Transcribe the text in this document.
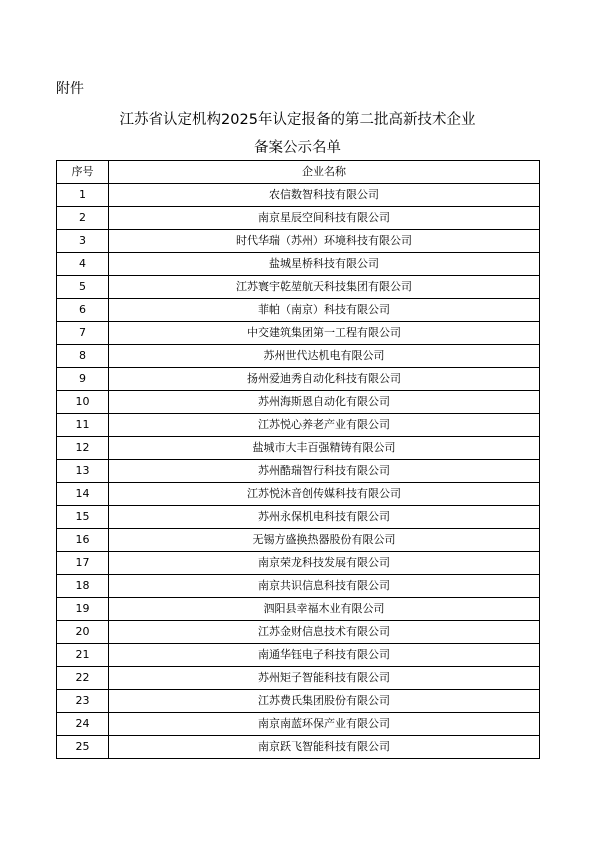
附件
江苏省认定机构2025年认定报备的第二批高新技术企业
备案公示名单
序号	企业名称
1	农信数智科技有限公司
2	南京星辰空间科技有限公司
3	时代华瑞（苏州）环境科技有限公司
4	盐城星桥科技有限公司
5	江苏寰宇乾堃航天科技集团有限公司
6	菲帕（南京）科技有限公司
7	中交建筑集团第一工程有限公司
8	苏州世代达机电有限公司
9	扬州爱迪秀自动化科技有限公司
10	苏州海斯恩自动化有限公司
11	江苏悦心养老产业有限公司
12	盐城市大丰百强精铸有限公司
13	苏州酷瑞智行科技有限公司
14	江苏悦沐音创传媒科技有限公司
15	苏州永保机电科技有限公司
16	无锡方盛换热器股份有限公司
17	南京荣龙科技发展有限公司
18	南京共识信息科技有限公司
19	泗阳县幸福木业有限公司
20	江苏金财信息技术有限公司
21	南通华钰电子科技有限公司
22	苏州矩子智能科技有限公司
23	江苏费氏集团股份有限公司
24	南京南蓝环保产业有限公司
25	南京跃飞智能科技有限公司
